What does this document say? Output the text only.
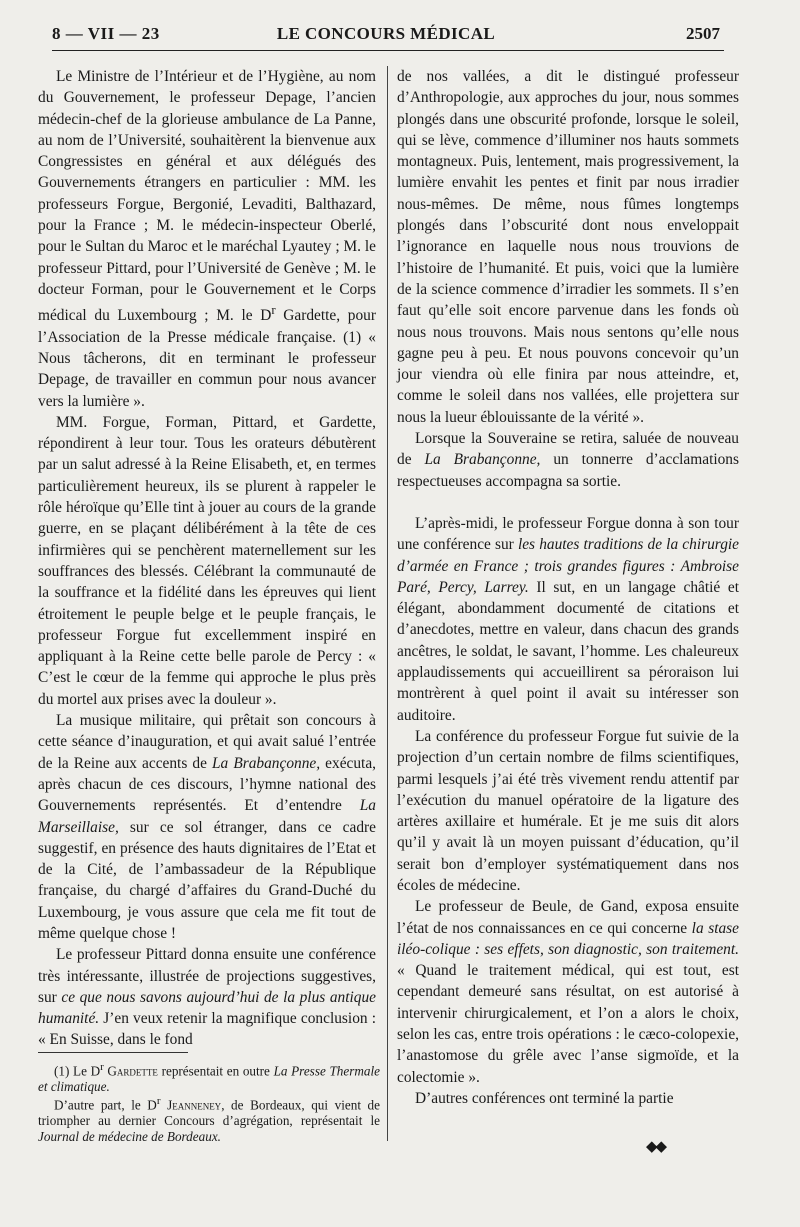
8 — VII — 23	LE CONCOURS MÉDICAL	2507

Le Ministre de l’Intérieur et de l’Hygiène, au nom du Gouvernement, le professeur Depage, l’ancien médecin-chef de la glorieuse ambulance de La Panne, au nom de l’Université, souhaitèrent la bienvenue aux Congressistes en général et aux délégués des Gouvernements étrangers en particulier : MM. les professeurs Forgue, Bergonié, Levaditi, Balthazard, pour la France ; M. le médecin-inspecteur Oberlé, pour le Sultan du Maroc et le maréchal Lyautey ; M. le professeur Pittard, pour l’Université de Genève ; M. le docteur Forman, pour le Gouvernement et le Corps médical du Luxembourg ; M. le $D^r$ Gardette, pour l’Association de la Presse médicale française. (1) « Nous tâcherons, dit en terminant le professeur Depage, de travailler en commun pour nous avancer vers la lumière ».

MM. Forgue, Forman, Pittard, et Gardette, répondirent à leur tour. Tous les orateurs débutèrent par un salut adressé à la Reine Elisabeth, et, en termes particulièrement heureux, ils se plurent à rappeler le rôle héroïque qu’Elle tint à jouer au cours de la grande guerre, en se plaçant délibérément à la tête de ces infirmières qui se penchèrent maternellement sur les souffrances des blessés. Célébrant la communauté de la souffrance et la fidélité dans les épreuves qui lient étroitement le peuple belge et le peuple français, le professeur Forgue fut excellemment inspiré en appliquant à la Reine cette belle parole de Percy : « C’est le cœur de la femme qui approche le plus près du mortel aux prises avec la douleur ».

La musique militaire, qui prêtait son concours à cette séance d’inauguration, et qui avait salué l’entrée de la Reine aux accents de La Brabançonne, exécuta, après chacun de ces discours, l’hymne national des Gouvernements représentés. Et d’entendre La Marseillaise, sur ce sol étranger, dans ce cadre suggestif, en présence des hauts dignitaires de l’Etat et de la Cité, de l’ambassadeur de la République française, du chargé d’affaires du Grand-Duché du Luxembourg, je vous assure que cela me fit tout de même quelque chose !

Le professeur Pittard donna ensuite une conférence très intéressante, illustrée de projections suggestives, sur ce que nous savons aujourd’hui de la plus antique humanité. J’en veux retenir la magnifique conclusion : « En Suisse, dans le fond

(1) Le $D^r$ Gardette représentait en outre La Presse Thermale et climatique.

D’autre part, le $D^r$ Jeanneney, de Bordeaux, qui vient de triompher au dernier Concours d’agrégation, représentait le Journal de médecine de Bordeaux.

de nos vallées, a dit le distingué professeur d’Anthropologie, aux approches du jour, nous sommes plongés dans une obscurité profonde, lorsque le soleil, qui se lève, commence d’illuminer nos hauts sommets montagneux. Puis, lentement, mais progressivement, la lumière envahit les pentes et finit par nous irradier nous-mêmes. De même, nous fûmes longtemps plongés dans l’obscurité dont nous enveloppait l’ignorance en laquelle nous nous trouvions de l’histoire de l’humanité. Et puis, voici que la lumière de la science commence d’irradier les sommets. Il s’en faut qu’elle soit encore parvenue dans les fonds où nous nous trouvons. Mais nous sentons qu’elle nous gagne peu à peu. Et nous pouvons concevoir qu’un jour viendra où elle finira par nous atteindre, et, comme le soleil dans nos vallées, elle projettera sur nous la lueur éblouissante de la vérité ».

Lorsque la Souveraine se retira, saluée de nouveau de La Brabançonne, un tonnerre d’acclamations respectueuses accompagna sa sortie.

L’après-midi, le professeur Forgue donna à son tour une conférence sur les hautes traditions de la chirurgie d’armée en France ; trois grandes figures : Ambroise Paré, Percy, Larrey. Il sut, en un langage châtié et élégant, abondamment documenté de citations et d’anecdotes, mettre en valeur, dans chacun des grands ancêtres, le soldat, le savant, l’homme. Les chaleureux applaudissements qui accueillirent sa péroraison lui montrèrent à quel point il avait su intéresser son auditoire.

La conférence du professeur Forgue fut suivie de la projection d’un certain nombre de films scientifiques, parmi lesquels j’ai été très vivement rendu attentif par l’exécution du manuel opératoire de la ligature des artères axillaire et humérale. Et je me suis dit alors qu’il y avait là un moyen puissant d’éducation, qu’il serait bon d’employer systématiquement dans nos écoles de médecine.

Le professeur de Beule, de Gand, exposa ensuite l’état de nos connaissances en ce qui concerne la stase iléo-colique : ses effets, son diagnostic, son traitement. « Quand le traitement médical, qui est tout, est cependant demeuré sans résultat, on est autorisé à intervenir chirurgicalement, et l’on a alors le choix, selon les cas, entre trois opérations : le cæco-colopexie, l’anastomose du grêle avec l’anse sigmoïde, et la colectomie ».

D’autres conférences ont terminé la partie

◆◆
